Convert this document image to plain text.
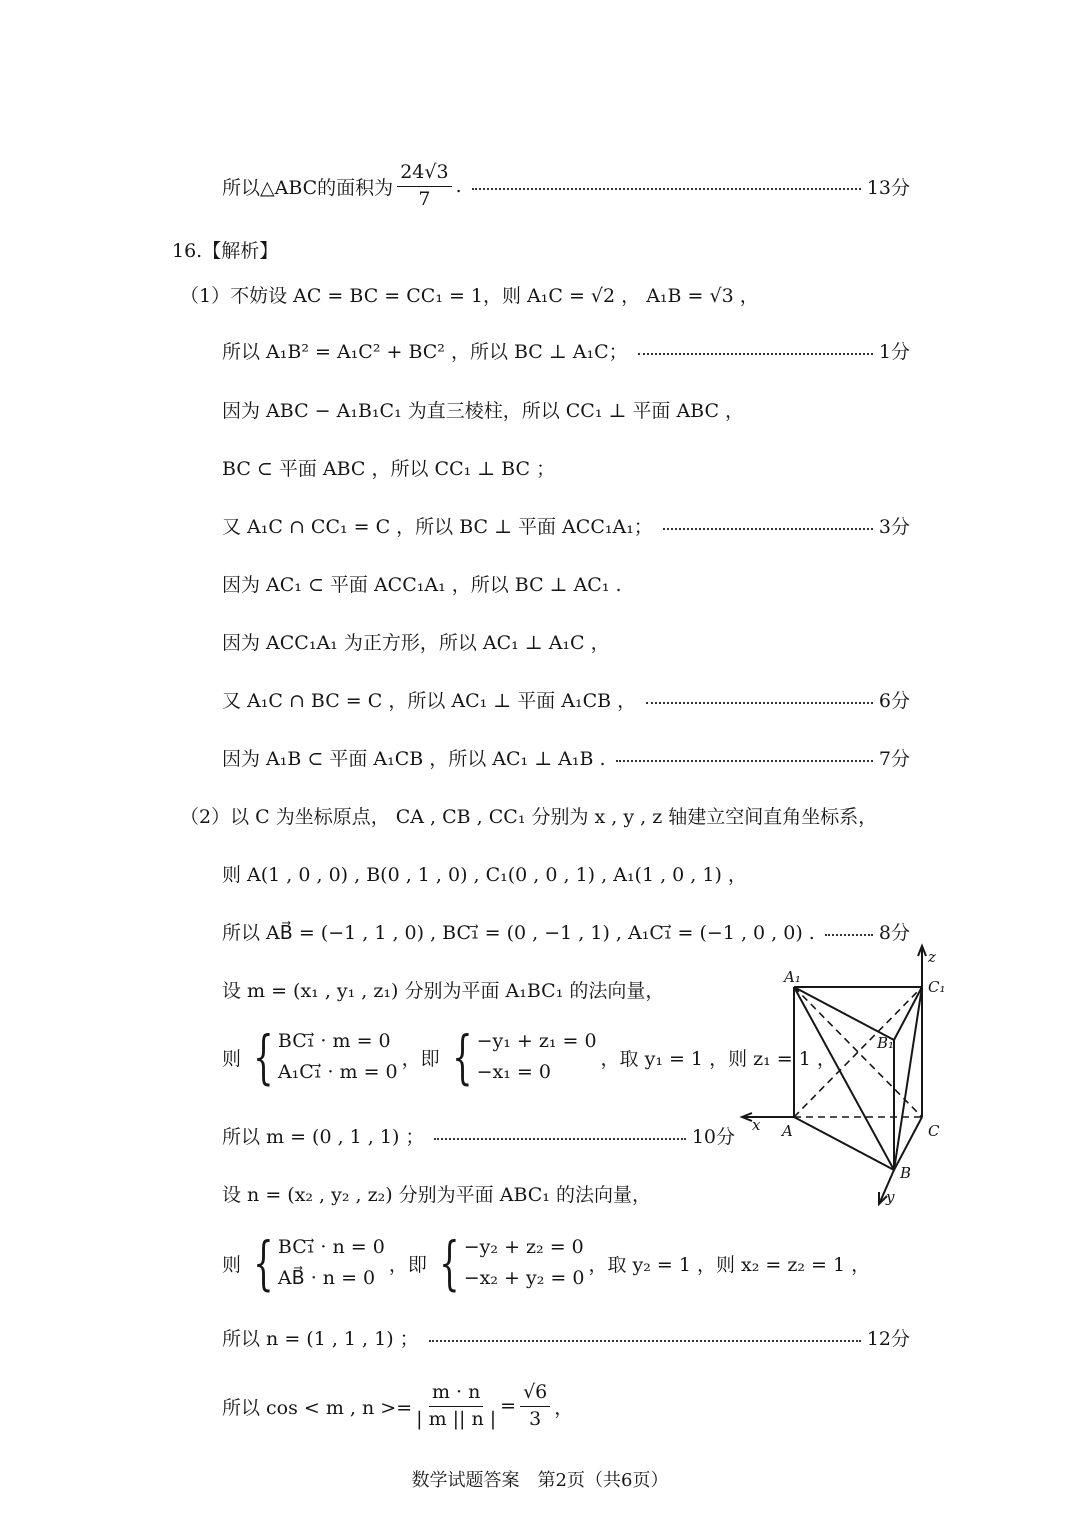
所以△ABC的面积为 $\frac{24√3}{7}$ .	13分
16.【解析】
（1）不妨设 AC = BC = CC₁ = 1，则 A₁C = √2 ， A₁B = √3 ，
所以 A₁B² = A₁C² + BC² ，所以 BC ⊥ A₁C；	1分
因为 ABC − A₁B₁C₁ 为直三棱柱，所以 CC₁ ⊥ 平面 ABC ，
BC ⊂ 平面 ABC ，所以 CC₁ ⊥ BC ；
又 A₁C ∩ CC₁ = C ，所以 BC ⊥ 平面 ACC₁A₁；	3分
因为 AC₁ ⊂ 平面 ACC₁A₁ ，所以 BC ⊥ AC₁ .
因为 ACC₁A₁ 为正方形，所以 AC₁ ⊥ A₁C ，
又 A₁C ∩ BC = C ，所以 AC₁ ⊥ 平面 A₁CB ，	6分
因为 A₁B ⊂ 平面 A₁CB ，所以 AC₁ ⊥ A₁B .	7分
（2）以 C 为坐标原点， CA , CB , CC₁ 分别为 x , y , z 轴建立空间直角坐标系，
则 A(1 , 0 , 0) , B(0 , 1 , 0) , C₁(0 , 0 , 1) , A₁(1 , 0 , 1) ，
所以 AB⃗ = (−1 , 1 , 0) , BC₁⃗ = (0 , −1 , 1) , A₁C₁⃗ = (−1 , 0 , 0) .	8分
设 m = (x₁ , y₁ , z₁) 分别为平面 A₁BC₁ 的法向量，
则 { BC₁⃗ · m = 0
A₁C₁⃗ · m = 0
，即 { −y₁ + z₁ = 0
−x₁ = 0
，取 y₁ = 1 ，则 z₁ = 1 ，
所以 m = (0 , 1 , 1) ；	10分
设 n = (x₂ , y₂ , z₂) 分别为平面 ABC₁ 的法向量，
则 { BC₁⃗ · n = 0
AB⃗ · n = 0
，即 { −y₂ + z₂ = 0
−x₂ + y₂ = 0
，取 y₂ = 1 ，则 x₂ = z₂ = 1 ，
所以 n = (1 , 1 , 1) ；	12分
所以 cos < m , $n >= \frac{m \cdot n}{| m || n |} = \frac{√6}{3}$ ，
A₁
C₁
B₁
A	C
B
x
y
z
数学试题答案　第2页（共6页）
